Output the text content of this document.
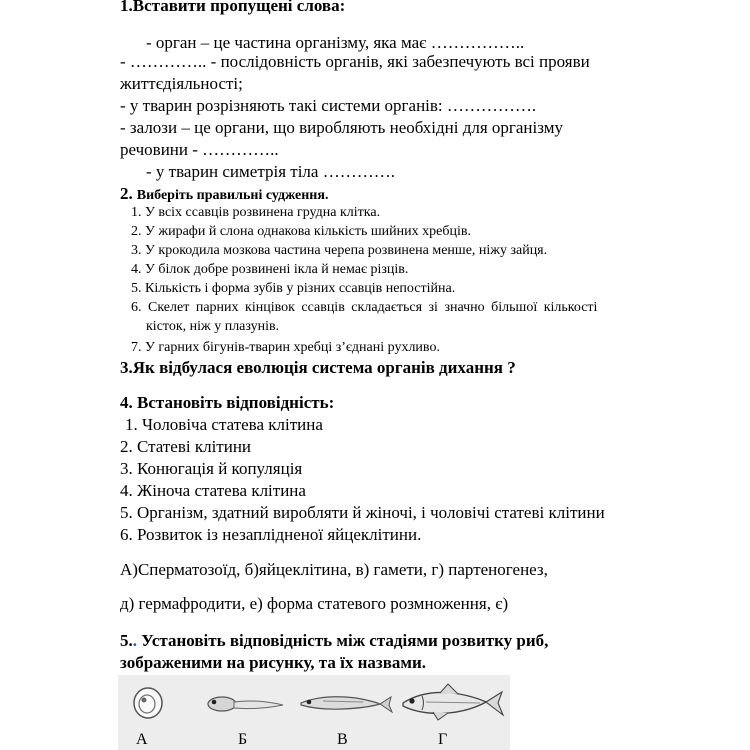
1.Вставити пропущені слова:
- орган – це частина організму, яка має ……………..
- ………….. - послідовність органів, які забезпечують всі прояви
життєдіяльності;
- у тварин розрізняють такі системи органів: …………….
- залози – це органи, що виробляють необхідні для організму
речовини - …………..
- у тварин симетрія тіла ………….
2. Виберіть правильні судження.
1. У всіх ссавців розвинена грудна клітка.
2. У жирафи й слона однакова кількість шийних хребців.
3. У крокодила мозкова частина черепа розвинена менше, ніжу зайця.
4. У білок добре розвинені ікла й немає різців.
5. Кількість і форма зубів у різних ссавців непостійна.
6. Скелет парних кінцівок ссавців складається зі значно більшої кількості
кісток, ніж у плазунів.
7. У гарних бігунів-тварин хребці з’єднані рухливо.
3.Як відбулася еволюція система органів дихання ?
4. Встановіть відповідність:
1. Чоловіча статева клітина
2. Статеві клітини
3. Конюгація й копуляція
4. Жіноча статева клітина
5. Організм, здатний виробляти й жіночі, і чоловічі статеві клітини
6. Розвиток із незаплідненої яйцеклітини.
А)Сперматозоїд, б)яйцеклітина, в) гамети, г) партеногенез,
д) гермафродити, е) форма статевого розмноження, є)
5.. Установіть відповідність між стадіями розвитку риб,
зображеними на рисунку, та їх назвами.
А	Б	В	Г
